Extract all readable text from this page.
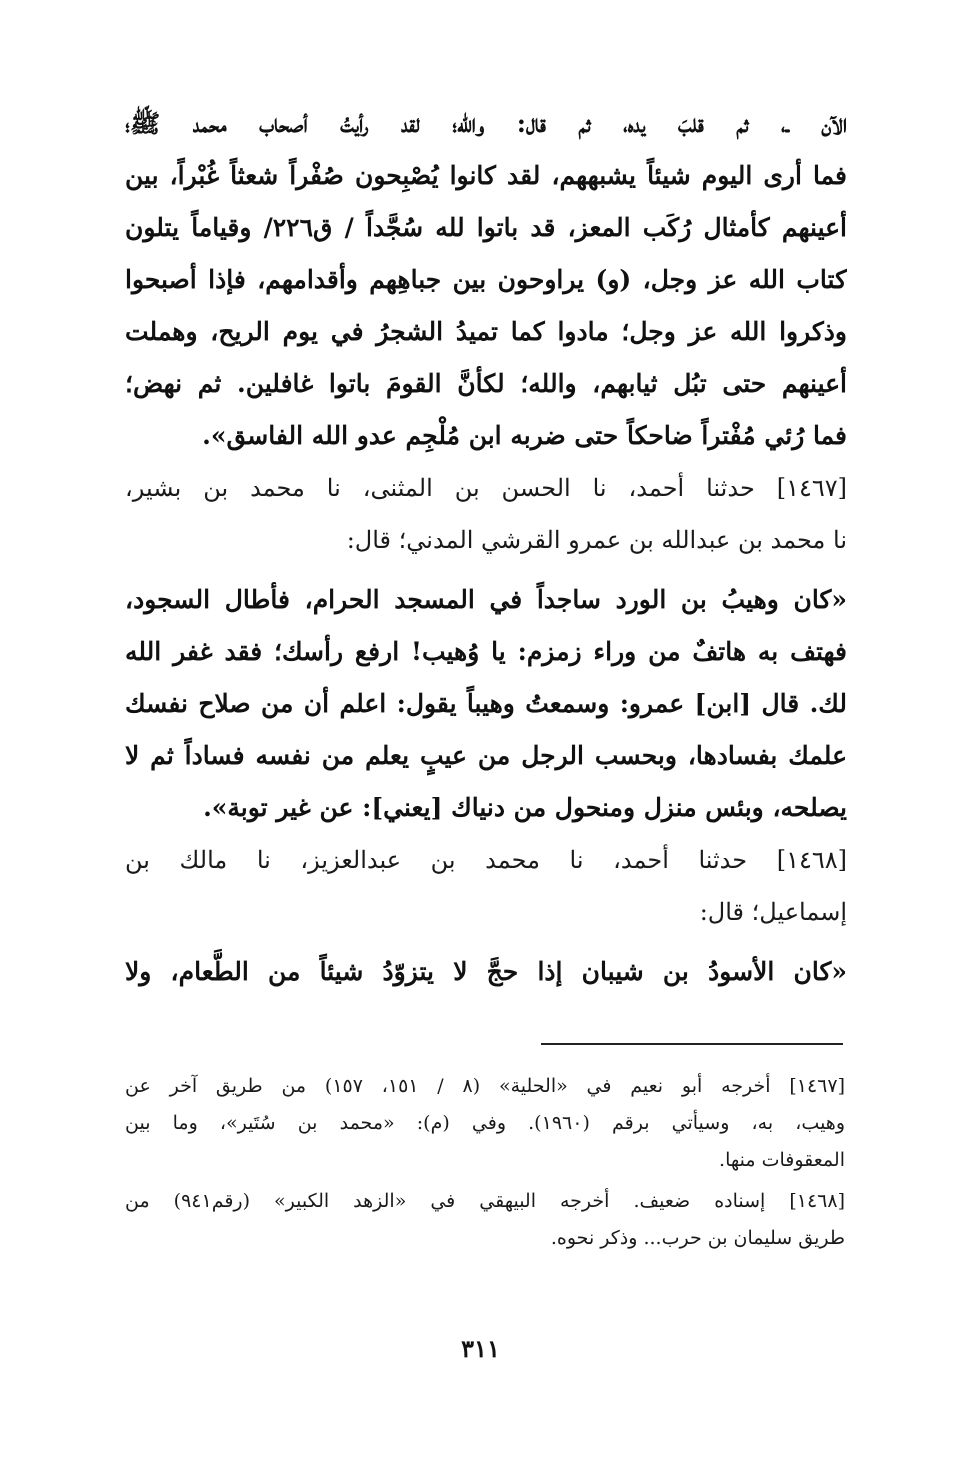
الآن ـ، ثم قلبَ يده، ثم قال: والله؛ لقد رأيتُ أصحاب محمد ﷺ؛
فما أرى اليوم شيئاً يشبههم، لقد كانوا يُصْبِحون صُفْراً شعثاً غُبْراً، بين
أعينهم كأمثال رُكَب المعز، قد باتوا لله سُجَّداً / ق٢٢٦/ وقياماً يتلون
كتاب الله عز وجل، (و) يراوحون بين جباهِهم وأقدامهم، فإذا أصبحوا
وذكروا الله عز وجل؛ مادوا كما تميدُ الشجرُ في يوم الريح، وهملت
أعينهم حتى تبُل ثيابهم، والله؛ لكأنَّ القومَ باتوا غافلين. ثم نهض؛
فما رُئي مُفْتراً ضاحكاً حتى ضربه ابن مُلْجِم عدو الله الفاسق».
[١٤٦٧] حدثنا أحمد، نا الحسن بن المثنى، نا محمد بن بشير،
نا محمد بن عبدالله بن عمرو القرشي المدني؛ قال:
«كان وهيبُ بن الورد ساجداً في المسجد الحرام، فأطال السجود،
فهتف به هاتفٌ من وراء زمزم: يا وُهيب! ارفع رأسك؛ فقد غفر الله
لك. قال [ابن] عمرو: وسمعتُ وهيباً يقول: اعلم أن من صلاح نفسك
علمك بفسادها، وبحسب الرجل من عيبٍ يعلم من نفسه فساداً ثم لا
يصلحه، وبئس منزل ومنحول من دنياك [يعني]: عن غير توبة».
[١٤٦٨] حدثنا أحمد، نا محمد بن عبدالعزيز، نا مالك بن
إسماعيل؛ قال:
«كان الأسودُ بن شيبان إذا حجَّ لا يتزوّدُ شيئاً من الطَّعام، ولا
[١٤٦٧] أخرجه أبو نعيم في «الحلية» (٨ / ١٥١، ١٥٧) من طريق آخر عن
وهيب، به، وسيأتي برقم (١٩٦٠). وفي (م): «محمد بن سُتَير»، وما بين
المعقوفات منها.
[١٤٦٨] إسناده ضعيف. أخرجه البيهقي في «الزهد الكبير» (رقم٩٤١) من
طريق سليمان بن حرب... وذكر نحوه.
٣١١
